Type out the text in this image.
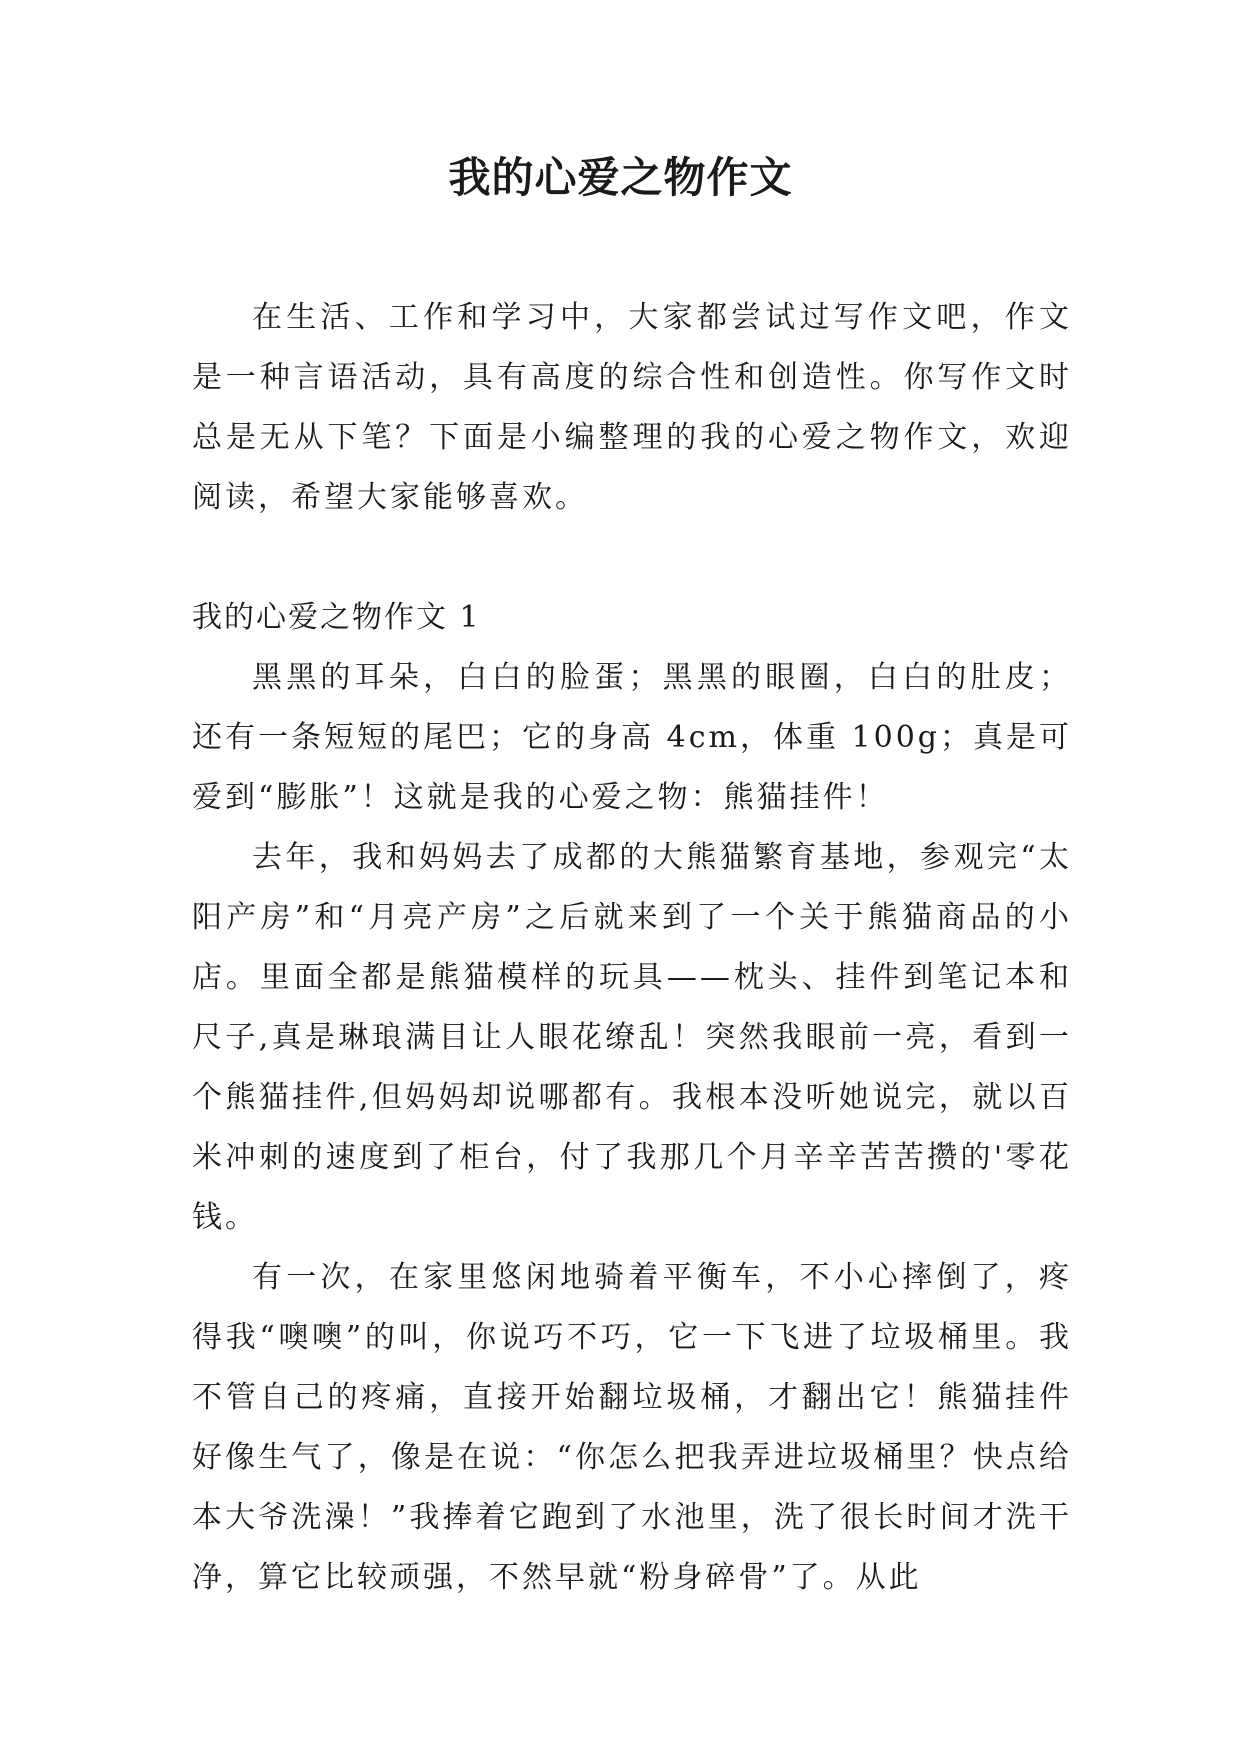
我的心爱之物作文

在生活、工作和学习中，大家都尝试过写作文吧，作文是一种言语活动，具有高度的综合性和创造性。你写作文时总是无从下笔？下面是小编整理的我的心爱之物作文，欢迎阅读，希望大家能够喜欢。

我的心爱之物作文 1

黑黑的耳朵，白白的脸蛋；黑黑的眼圈，白白的肚皮；还有一条短短的尾巴；它的身高 4cm，体重 100g；真是可爱到“膨胀”！这就是我的心爱之物：熊猫挂件！

去年，我和妈妈去了成都的大熊猫繁育基地，参观完“太阳产房”和“月亮产房”之后就来到了一个关于熊猫商品的小店。里面全都是熊猫模样的玩具——枕头、挂件到笔记本和尺子,真是琳琅满目让人眼花缭乱！突然我眼前一亮，看到一个熊猫挂件,但妈妈却说哪都有。我根本没听她说完，就以百米冲刺的速度到了柜台，付了我那几个月辛辛苦苦攒的'零花钱。

有一次，在家里悠闲地骑着平衡车，不小心摔倒了，疼得我“噢噢”的叫，你说巧不巧，它一下飞进了垃圾桶里。我不管自己的疼痛，直接开始翻垃圾桶，才翻出它！熊猫挂件好像生气了，像是在说：“你怎么把我弄进垃圾桶里？快点给本大爷洗澡！”我捧着它跑到了水池里，洗了很长时间才洗干净，算它比较顽强，不然早就“粉身碎骨”了。从此
